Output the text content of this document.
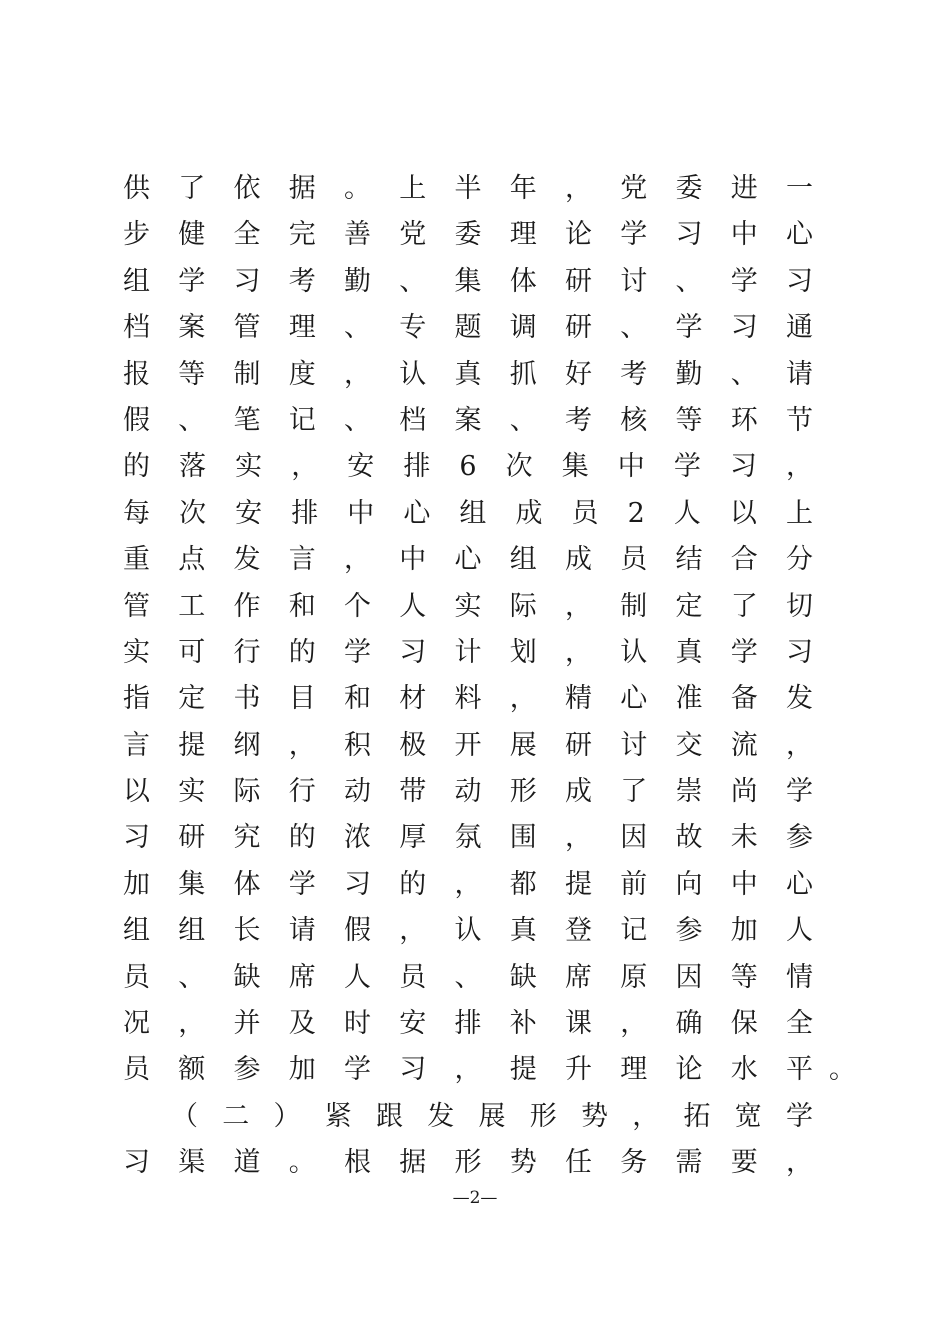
供了依据。上半年，党委进一
步健全完善党委理论学习中心
组学习考勤、集体研讨、学习
档案管理、专题调研、学习通
报等制度，认真抓好考勤、请
假、笔记、档案、考核等环节
的落实，安排6次集中学习，
每次安排中心组成员2人以上
重点发言，中心组成员结合分
管工作和个人实际，制定了切
实可行的学习计划，认真学习
指定书目和材料，精心准备发
言提纲，积极开展研讨交流，
以实际行动带动形成了崇尚学
习研究的浓厚氛围，因故未参
加集体学习的，都提前向中心
组组长请假，认真登记参加人
员、缺席人员、缺席原因等情
况，并及时安排补课，确保全
员额参加学习，提升理论水平 。
（二）紧跟发展形势，拓宽学
习渠道。根据形势任务需要，
—2—
